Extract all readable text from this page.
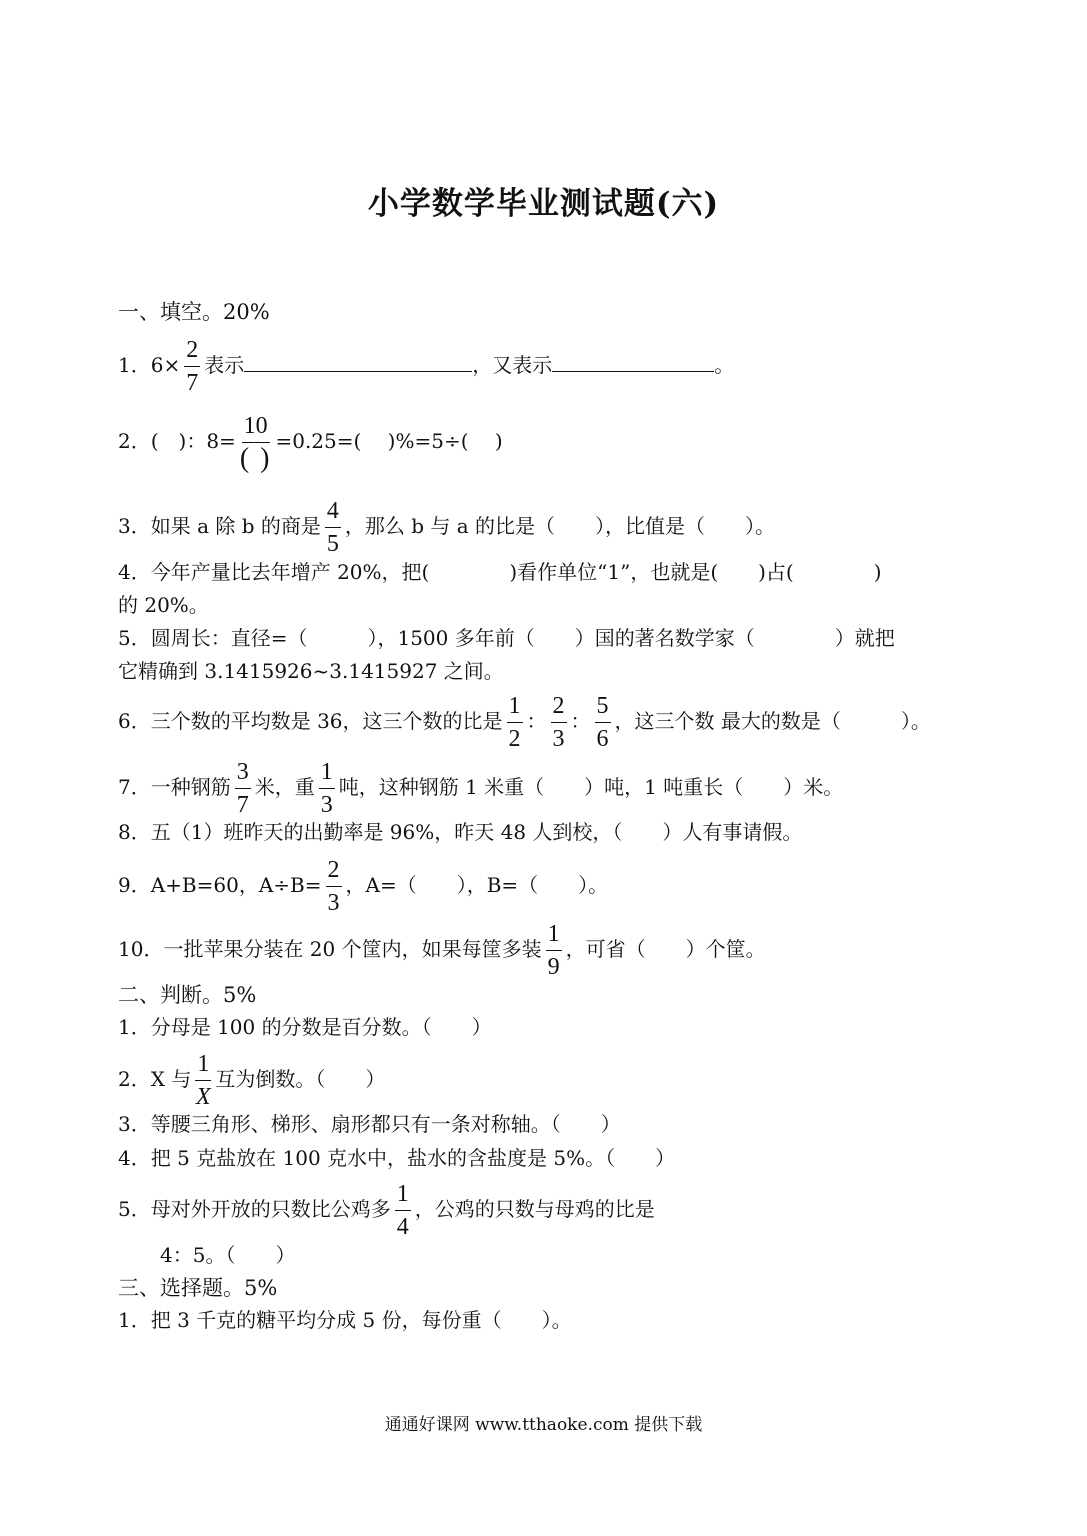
小学数学毕业测试题(六)
一、填空。20%
1．$6\times \frac{2}{7}$ 表示	，又表示	。
2．(　)：$8= \frac{10}{( )} =0.25=$(　 )%=5÷(　 )
3．如果 a 除 b 的商是 $\frac{4}{5}$ ，那么 b 与 a 的比是（　　），比值是（　　）。
4．今年产量比去年增产 20%，把(　　　　)看作单位“1”，也就是(　　)占(　　　　)
的 20%。
5．圆周长：直径=（　　　），1500 多年前（　　）国的著名数学家（　　　　）就把
它精确到 3.1415926~3.1415927 之间。
6．三个数的平均数是 36，这三个数的比是 $\frac{1}{2}$ ： $\frac{2}{3}$ ： $\frac{5}{6}$ ，这三个数 最大的数是（　　　）。
7．一种钢筋 $\frac{3}{7}$ 米，重 $\frac{1}{3}$ 吨，这种钢筋 1 米重（　　）吨，1 吨重长（　　）米。
8．五（1）班昨天的出勤率是 96%，昨天 48 人到校，（　　）人有事请假。
9．A+B=60，$A\div B= \frac{2}{3}$ ，A=（　　），B=（　　）。
10．一批苹果分装在 20 个筐内，如果每筐多装 $\frac{1}{9}$ ，可省（　　）个筐。
二、判断。5%
1．分母是 100 的分数是百分数。（　　）
2．X 与 $\frac{1}{X}$ 互为倒数。（　　）
3．等腰三角形、梯形、扇形都只有一条对称轴。（　　）
4．把 5 克盐放在 100 克水中，盐水的含盐度是 5%。（　　）
5．母对外开放的只数比公鸡多 $\frac{1}{4}$ ，公鸡的只数与母鸡的比是
4：5。（　　）
三、选择题。5%
1．把 3 千克的糖平均分成 5 份，每份重（　　）。
通通好课网 www.tthaoke.com 提供下载
